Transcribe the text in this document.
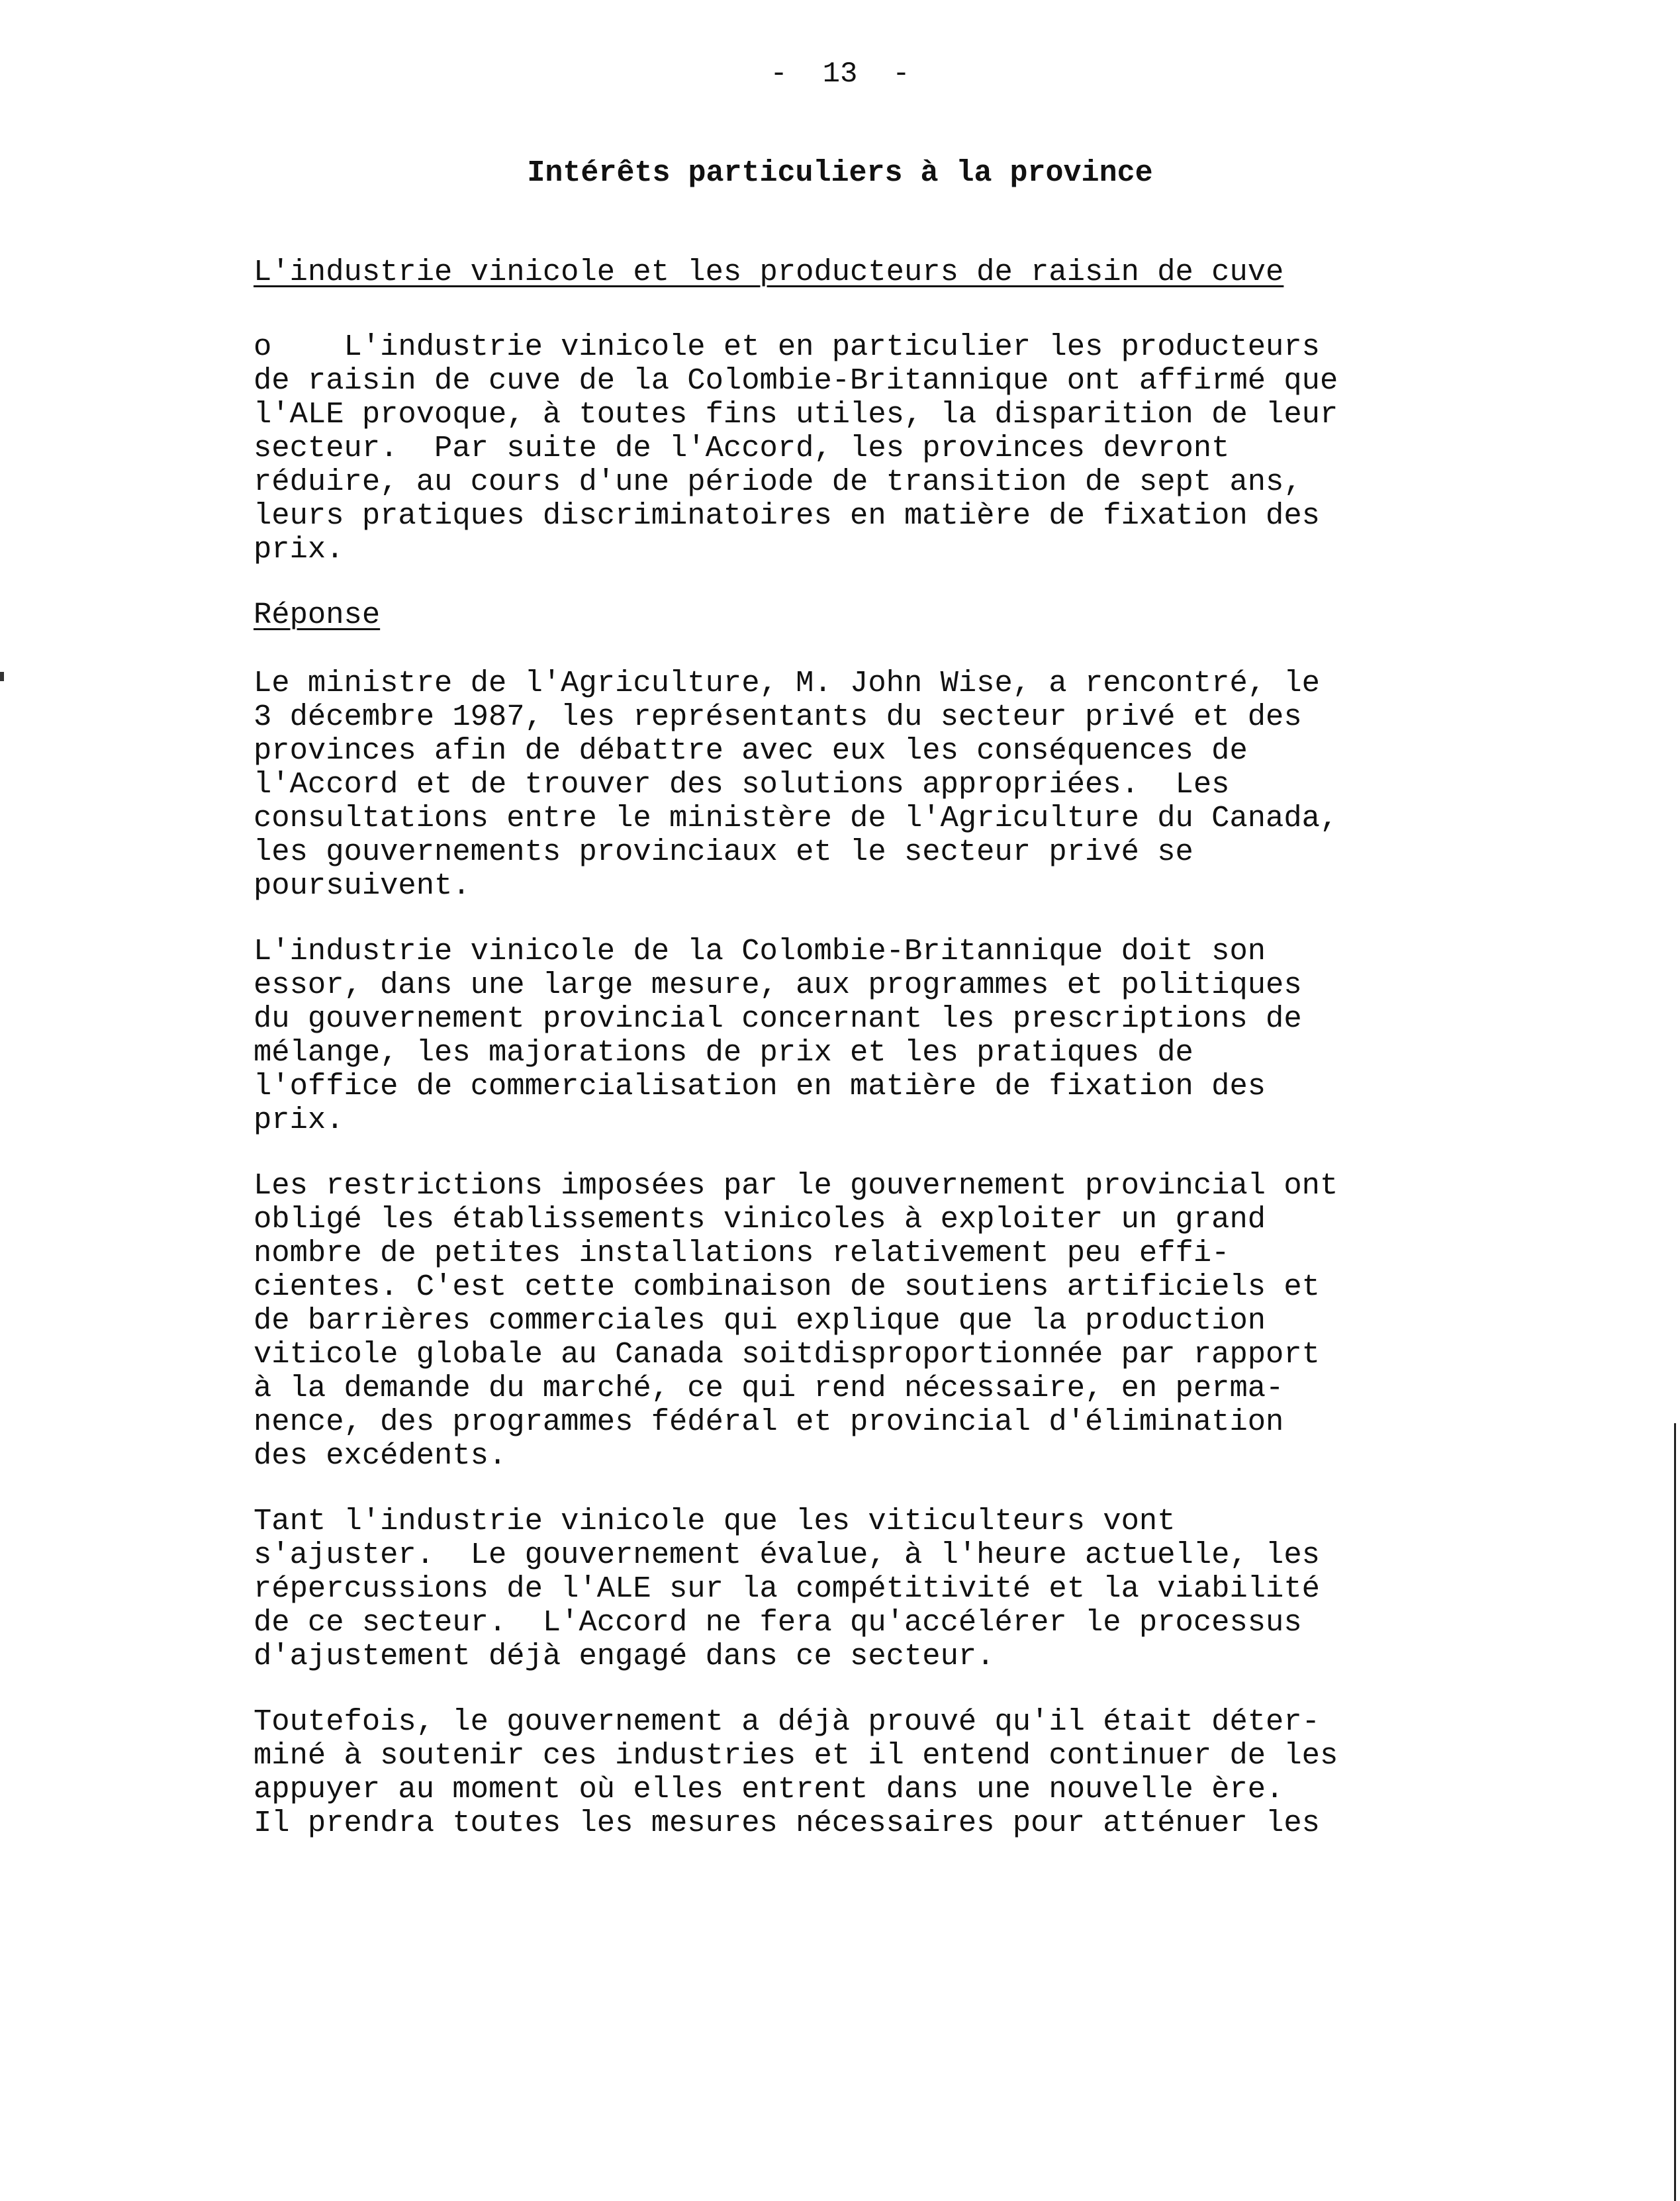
-  13  -
Intérêts particuliers à la province
L'industrie vinicole et les producteurs de raisin de cuve
o    L'industrie vinicole et en particulier les producteurs
de raisin de cuve de la Colombie-Britannique ont affirmé que
l'ALE provoque, à toutes fins utiles, la disparition de leur
secteur.  Par suite de l'Accord, les provinces devront
réduire, au cours d'une période de transition de sept ans,
leurs pratiques discriminatoires en matière de fixation des
prix.
Réponse
Le ministre de l'Agriculture, M. John Wise, a rencontré, le
3 décembre 1987, les représentants du secteur privé et des
provinces afin de débattre avec eux les conséquences de
l'Accord et de trouver des solutions appropriées.  Les
consultations entre le ministère de l'Agriculture du Canada,
les gouvernements provinciaux et le secteur privé se
poursuivent.
L'industrie vinicole de la Colombie-Britannique doit son
essor, dans une large mesure, aux programmes et politiques
du gouvernement provincial concernant les prescriptions de
mélange, les majorations de prix et les pratiques de
l'office de commercialisation en matière de fixation des
prix.
Les restrictions imposées par le gouvernement provincial ont
obligé les établissements vinicoles à exploiter un grand
nombre de petites installations relativement peu effi-
cientes. C'est cette combinaison de soutiens artificiels et
de barrières commerciales qui explique que la production
viticole globale au Canada soitdisproportionnée par rapport
à la demande du marché, ce qui rend nécessaire, en perma-
nence, des programmes fédéral et provincial d'élimination
des excédents.
Tant l'industrie vinicole que les viticulteurs vont
s'ajuster.  Le gouvernement évalue, à l'heure actuelle, les
répercussions de l'ALE sur la compétitivité et la viabilité
de ce secteur.  L'Accord ne fera qu'accélérer le processus
d'ajustement déjà engagé dans ce secteur.
Toutefois, le gouvernement a déjà prouvé qu'il était déter-
miné à soutenir ces industries et il entend continuer de les
appuyer au moment où elles entrent dans une nouvelle ère.
Il prendra toutes les mesures nécessaires pour atténuer les
